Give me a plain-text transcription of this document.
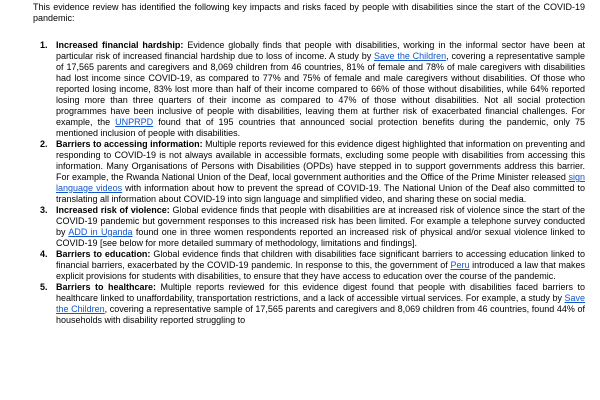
This evidence review has identified the following key impacts and risks faced by people with disabilities since the start of the COVID-19 pandemic:
1. Increased financial hardship: Evidence globally finds that people with disabilities, working in the informal sector have been at particular risk of increased financial hardship due to loss of income. A study by Save the Children, covering a representative sample of 17,565 parents and caregivers and 8,069 children from 46 countries, 81% of female and 78% of male caregivers with disabilities had lost income since COVID-19, as compared to 77% and 75% of female and male caregivers without disabilities. Of those who reported losing income, 83% lost more than half of their income compared to 66% of those without disabilities, while 64% reported losing more than three quarters of their income as compared to 47% of those without disabilities. Not all social protection programmes have been inclusive of people with disabilities, leaving them at further risk of exacerbated financial challenges. For example, the UNPRPD found that of 195 countries that announced social protection benefits during the pandemic, only 75 mentioned inclusion of people with disabilities.
2. Barriers to accessing information: Multiple reports reviewed for this evidence digest highlighted that information on preventing and responding to COVID-19 is not always available in accessible formats, excluding some people with disabilities from accessing this information. Many Organisations of Persons with Disabilities (OPDs) have stepped in to support governments address this barrier. For example, the Rwanda National Union of the Deaf, local government authorities and the Office of the Prime Minister released sign language videos with information about how to prevent the spread of COVID-19. The National Union of the Deaf also committed to translating all information about COVID-19 into sign language and simplified video, and sharing these on social media.
3. Increased risk of violence: Global evidence finds that people with disabilities are at increased risk of violence since the start of the COVID-19 pandemic but government responses to this increased risk has been limited. For example a telephone survey conducted by ADD in Uganda found one in three women respondents reported an increased risk of physical and/or sexual violence linked to COVID-19 [see below for more detailed summary of methodology, limitations and findings].
4. Barriers to education: Global evidence finds that children with disabilities face significant barriers to accessing education linked to financial barriers, exacerbated by the COVID-19 pandemic. In response to this, the government of Peru introduced a law that makes explicit provisions for students with disabilities, to ensure that they have access to education over the course of the pandemic.
5. Barriers to healthcare: Multiple reports reviewed for this evidence digest found that people with disabilities faced barriers to healthcare linked to unaffordability, transportation restrictions, and a lack of accessible virtual services. For example, a study by Save the Children, covering a representative sample of 17,565 parents and caregivers and 8,069 children from 46 countries, found 44% of households with disability reported struggling to
